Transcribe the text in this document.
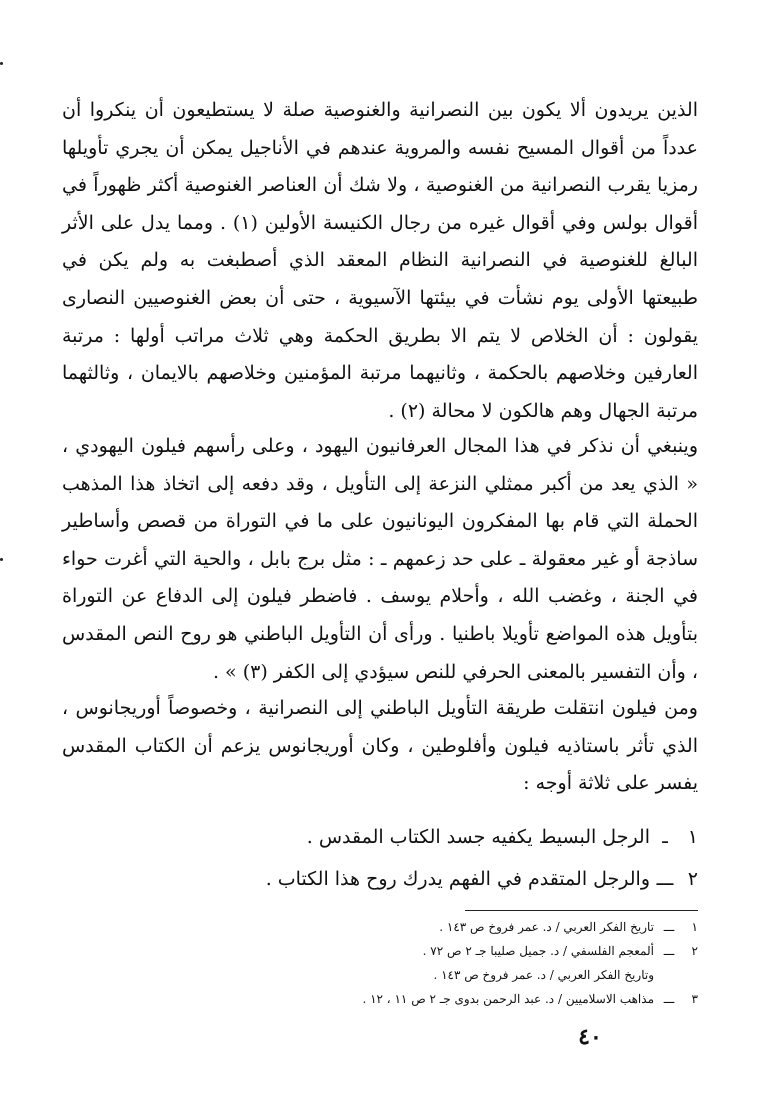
الذين يريدون ألا يكون بين النصرانية والغنوصية صلة لا يستطيعون أن ينكروا أن عدداً من أقوال المسيح نفسه والمروية عندهم في الأناجيل يمكن أن يجري تأويلها رمزيا يقرب النصرانية من الغنوصية ، ولا شك أن العناصر الغنوصية أكثر ظهوراً في أقوال بولس وفي أقوال غيره من رجال الكنيسة الأولين (١) . ومما يدل على الأثر البالغ للغنوصية في النصرانية النظام المعقد الذي أصطبغت به ولم يكن في طبيعتها الأولى يوم نشأت في بيئتها الآسيوية ، حتى أن بعض الغنوصيين النصارى يقولون : أن الخلاص لا يتم الا بطريق الحكمة وهي ثلاث مراتب أولها : مرتبة العارفين وخلاصهم بالحكمة ، وثانيهما مرتبة المؤمنين وخلاصهم بالايمان ، وثالثهما مرتبة الجهال وهم هالكون لا محالة (٢) .

وينبغي أن نذكر في هذا المجال العرفانيون اليهود ، وعلى رأسهم فيلون اليهودي ، « الذي يعد من أكبر ممثلي النزعة إلى التأويل ، وقد دفعه إلى اتخاذ هذا المذهب الحملة التي قام بها المفكرون اليونانيون على ما في التوراة من قصص وأساطير ساذجة أو غير معقولة ـ على حد زعمهم ـ : مثل برج بابل ، والحية التي أغرت حواء في الجنة ، وغضب الله ، وأحلام يوسف . فاضطر فيلون إلى الدفاع عن التوراة بتأويل هذه المواضع تأويلا باطنيا . ورأى أن التأويل الباطني هو روح النص المقدس ، وأن التفسير بالمعنى الحرفي للنص سيؤدي إلى الكفر (٣) » .

ومن فيلون انتقلت طريقة التأويل الباطني إلى النصرانية ، وخصوصاً أوريجانوس ، الذي تأثر باستاذيه فيلون وأفلوطين ، وكان أوريجانوس يزعم أن الكتاب المقدس يفسر على ثلاثة أوجه :

١ـالرجل البسيط يكفيه جسد الكتاب المقدس .
٢ـــوالرجل المتقدم في الفهم يدرك روح هذا الكتاب .
١ـــتاريخ الفكر العربي / د. عمر فروخ ص ١٤٣ .
٢ـــألمعجم الفلسفي / د. جميل صليبا جـ ٢ ص ٧٢ .
وتاريخ الفكر العربي / د. عمر فروخ ص ١٤٣ .
٣ـــمذاهب الاسلاميين / د. عبد الرحمن بدوى جـ ٢ ص ١١ ، ١٢ .
٤٠
